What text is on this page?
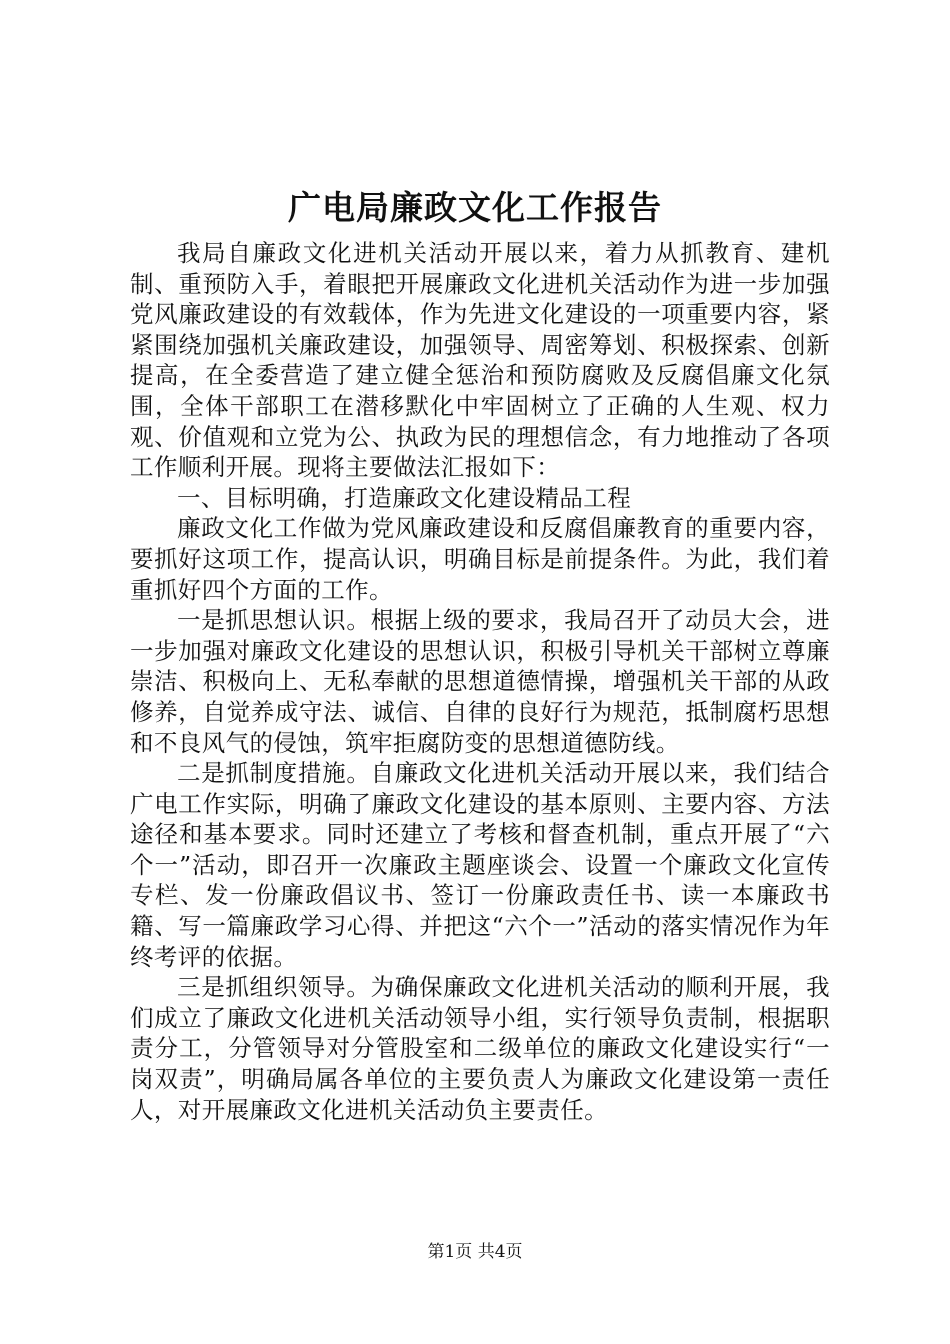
广电局廉政文化工作报告

我局自廉政文化进机关活动开展以来，着力从抓教育、建机制、重预防入手，着眼把开展廉政文化进机关活动作为进一步加强党风廉政建设的有效载体，作为先进文化建设的一项重要内容，紧紧围绕加强机关廉政建设，加强领导、周密筹划、积极探索、创新提高，在全委营造了建立健全惩治和预防腐败及反腐倡廉文化氛围，全体干部职工在潜移默化中牢固树立了正确的人生观、权力观、价值观和立党为公、执政为民的理想信念，有力地推动了各项工作顺利开展。现将主要做法汇报如下：

一、目标明确，打造廉政文化建设精品工程

廉政文化工作做为党风廉政建设和反腐倡廉教育的重要内容，要抓好这项工作，提高认识，明确目标是前提条件。为此，我们着重抓好四个方面的工作。

一是抓思想认识。根据上级的要求，我局召开了动员大会，进一步加强对廉政文化建设的思想认识，积极引导机关干部树立尊廉崇洁、积极向上、无私奉献的思想道德情操，增强机关干部的从政修养，自觉养成守法、诚信、自律的良好行为规范，抵制腐朽思想和不良风气的侵蚀，筑牢拒腐防变的思想道德防线。

二是抓制度措施。自廉政文化进机关活动开展以来，我们结合广电工作实际，明确了廉政文化建设的基本原则、主要内容、方法途径和基本要求。同时还建立了考核和督查机制，重点开展了“六个一”活动，即召开一次廉政主题座谈会、设置一个廉政文化宣传专栏、发一份廉政倡议书、签订一份廉政责任书、读一本廉政书籍、写一篇廉政学习心得、并把这“六个一”活动的落实情况作为年终考评的依据。

三是抓组织领导。为确保廉政文化进机关活动的顺利开展，我们成立了廉政文化进机关活动领导小组，实行领导负责制，根据职责分工，分管领导对分管股室和二级单位的廉政文化建设实行“一岗双责”，明确局属各单位的主要负责人为廉政文化建设第一责任人，对开展廉政文化进机关活动负主要责任。

第1页 共4页
